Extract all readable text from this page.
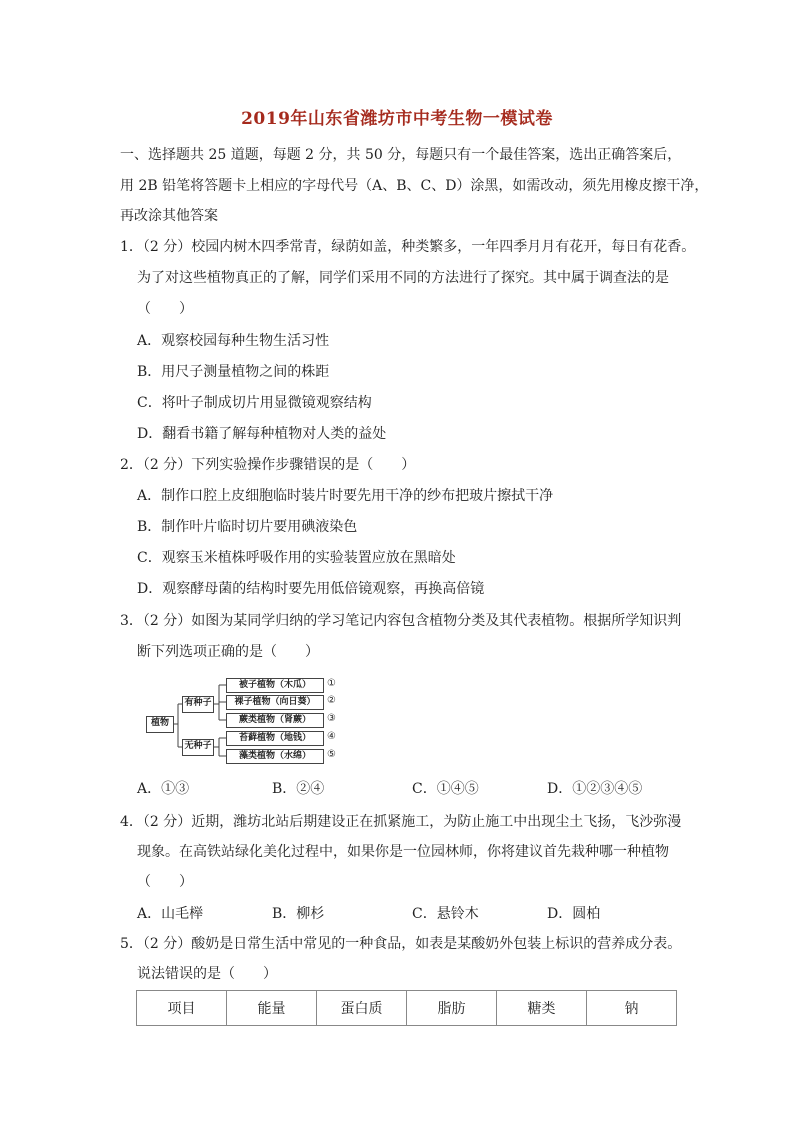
2019年山东省潍坊市中考生物一模试卷
一、选择题共 25 道题，每题 2 分，共 50 分，每题只有一个最佳答案，选出正确答案后，
用 2B 铅笔将答题卡上相应的字母代号（A、B、C、D）涂黑，如需改动，须先用橡皮擦干净，
再改涂其他答案
1．（2 分）校园内树木四季常青，绿荫如盖，种类繁多，一年四季月月有花开，每日有花香。
为了对这些植物真正的了解，同学们采用不同的方法进行了探究。其中属于调查法的是
（　　）
A．观察校园每种生物生活习性
B．用尺子测量植物之间的株距
C．将叶子制成切片用显微镜观察结构
D．翻看书籍了解每种植物对人类的益处
2．（2 分）下列实验操作步骤错误的是（　　）
A．制作口腔上皮细胞临时装片时要先用干净的纱布把玻片擦拭干净
B．制作叶片临时切片要用碘液染色
C．观察玉米植株呼吸作用的实验装置应放在黑暗处
D．观察酵母菌的结构时要先用低倍镜观察，再换高倍镜
3．（2 分）如图为某同学归纳的学习笔记内容包含植物分类及其代表植物。根据所学知识判
断下列选项正确的是（　　）
植物
有种子
无种子
被子植物（木瓜）
裸子植物（向日葵）
蕨类植物（肾蕨）
苔藓植物（地钱）
藻类植物（水绵）
①
②
③
④
⑤
A．①③	B．②④	C．①④⑤	D．①②③④⑤
4．（2 分）近期，潍坊北站后期建设正在抓紧施工，为防止施工中出现尘土飞扬，飞沙弥漫
现象。在高铁站绿化美化过程中，如果你是一位园林师，你将建议首先栽种哪一种植物
（　　）
A．山毛榉	B．柳杉	C．悬铃木	D．圆柏
5．（2 分）酸奶是日常生活中常见的一种食品，如表是某酸奶外包装上标识的营养成分表。
说法错误的是（　　）
项目	能量	蛋白质	脂肪	糖类	钠
